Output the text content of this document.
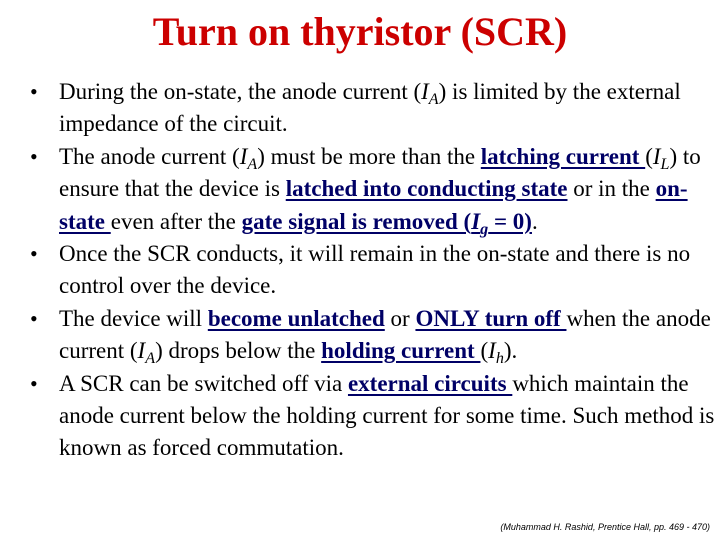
Turn on thyristor (SCR)
• During the on-state, the anode current $(I_A)$ is limited by the external impedance of the circuit.
• The anode current $(I_A)$ must be more than the latching current $(I_L)$ to ensure that the device is latched into conducting state or in the on-state even after the gate signal is removed $(I_g = 0)$.
• Once the SCR conducts, it will remain in the on-state and there is no control over the device.
• The device will become unlatched or ONLY turn off when the anode current $(I_A)$ drops below the holding current $(I_h)$.
• A SCR can be switched off via external circuits which maintain the anode current below the holding current for some time. Such method is known as forced commutation.
(Muhammad H. Rashid, Prentice Hall, pp. 469 - 470)
